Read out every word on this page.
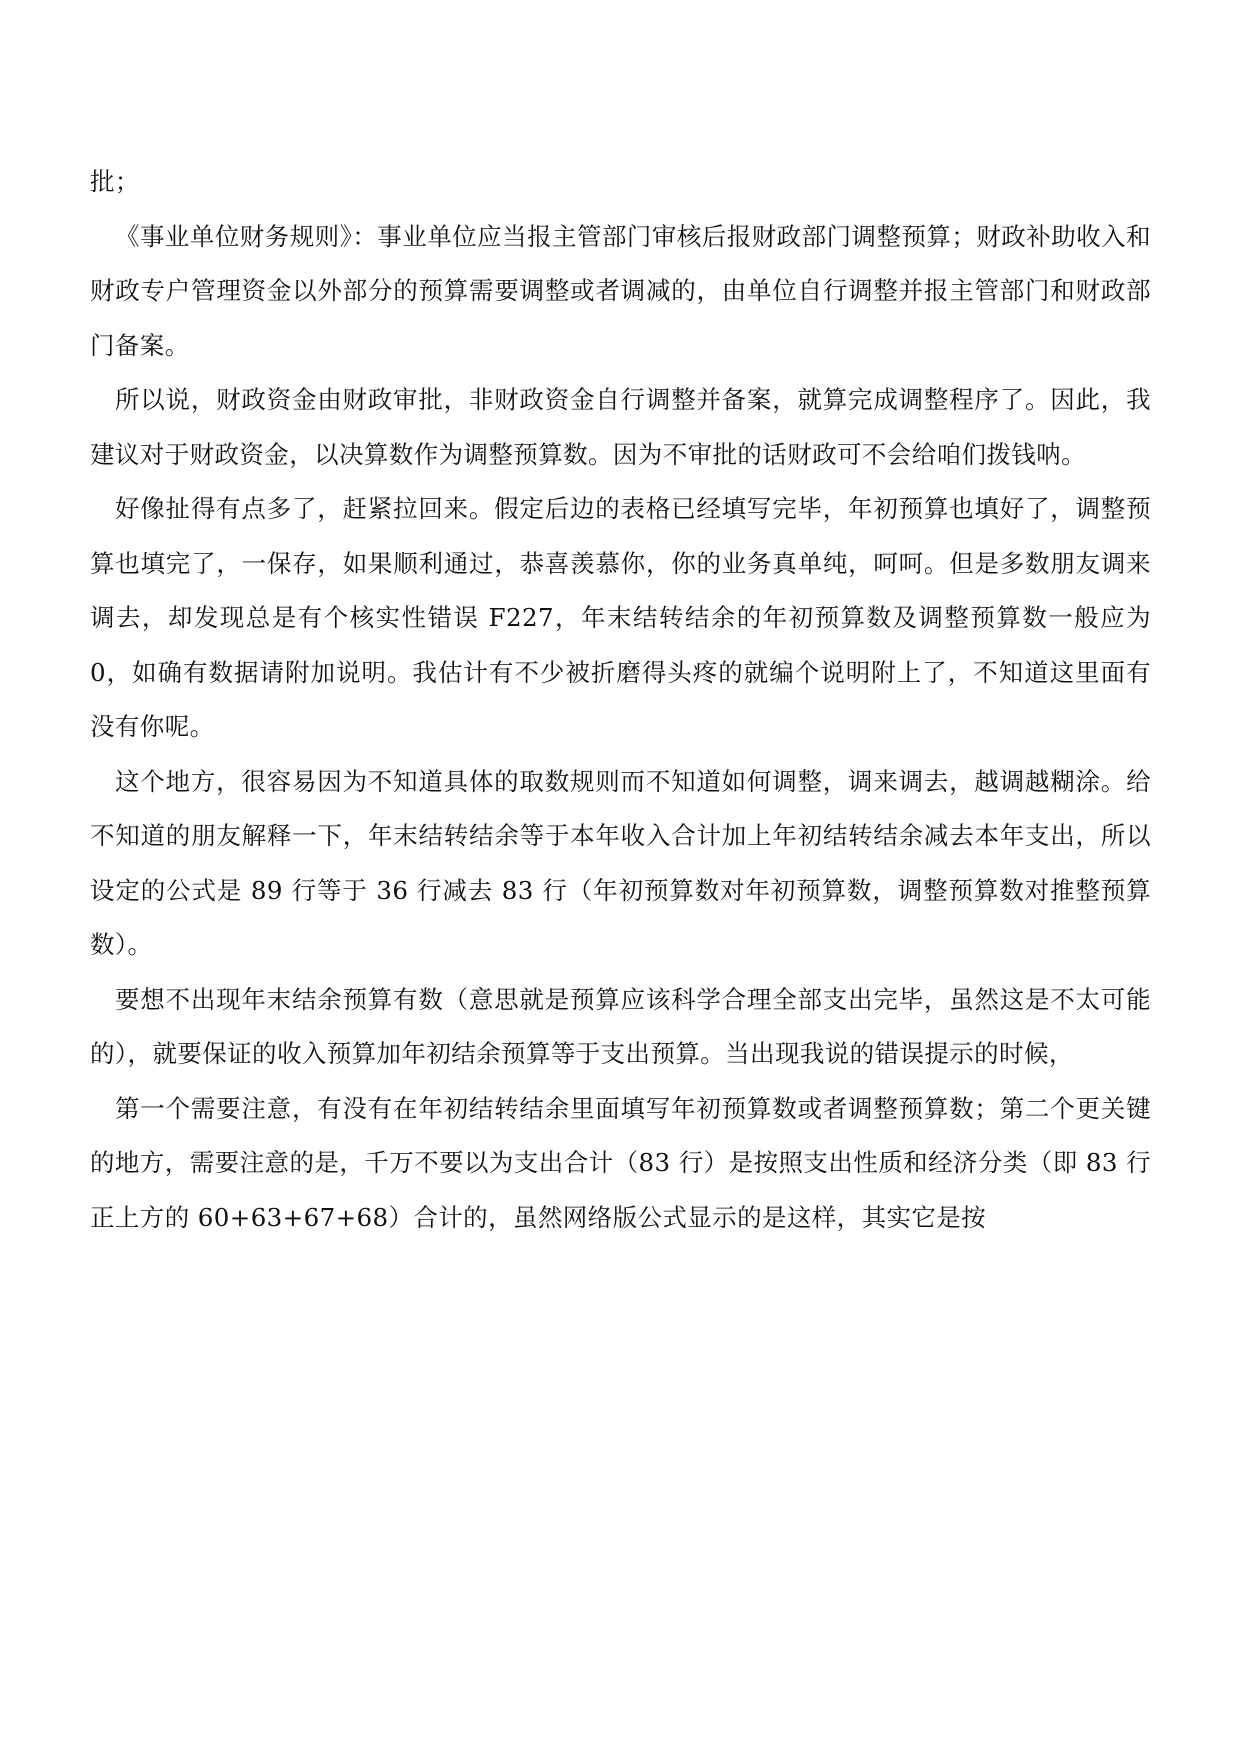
批；

《事业单位财务规则》：事业单位应当报主管部门审核后报财政部门调整预算；财政补助收入和财政专户管理资金以外部分的预算需要调整或者调减的，由单位自行调整并报主管部门和财政部门备案。

所以说，财政资金由财政审批，非财政资金自行调整并备案，就算完成调整程序了。因此，我建议对于财政资金，以决算数作为调整预算数。因为不审批的话财政可不会给咱们拨钱呐。

好像扯得有点多了，赶紧拉回来。假定后边的表格已经填写完毕，年初预算也填好了，调整预算也填完了，一保存，如果顺利通过，恭喜羡慕你，你的业务真单纯，呵呵。但是多数朋友调来调去，却发现总是有个核实性错误 F227，年末结转结余的年初预算数及调整预算数一般应为 0，如确有数据请附加说明。我估计有不少被折磨得头疼的就编个说明附上了，不知道这里面有没有你呢。

这个地方，很容易因为不知道具体的取数规则而不知道如何调整，调来调去，越调越糊涂。给不知道的朋友解释一下，年末结转结余等于本年收入合计加上年初结转结余减去本年支出，所以设定的公式是 89 行等于 36 行减去 83 行（年初预算数对年初预算数，调整预算数对推整预算数）。

要想不出现年末结余预算有数（意思就是预算应该科学合理全部支出完毕，虽然这是不太可能的），就要保证的收入预算加年初结余预算等于支出预算。当出现我说的错误提示的时候，

第一个需要注意，有没有在年初结转结余里面填写年初预算数或者调整预算数；第二个更关键的地方，需要注意的是，千万不要以为支出合计（83 行）是按照支出性质和经济分类（即 83 行正上方的 60+63+67+68）合计的，虽然网络版公式显示的是这样，其实它是按
